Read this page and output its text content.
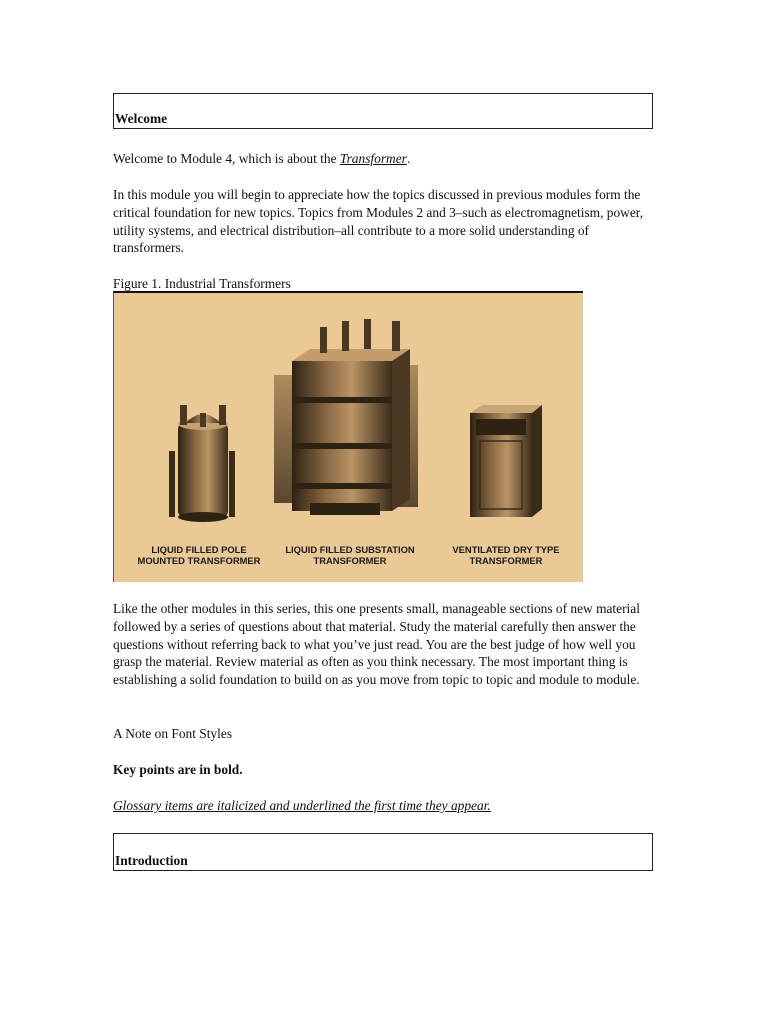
Welcome

Welcome to Module 4, which is about the Transformer.

In this module you will begin to appreciate how the topics discussed in previous modules form the critical foundation for new topics. Topics from Modules 2 and 3–such as electromagnetism, power, utility systems, and electrical distribution–all contribute to a more solid understanding of transformers.

Figure 1. Industrial Transformers

LIQUID FILLED POLE MOUNTED TRANSFORMER
LIQUID FILLED SUBSTATION TRANSFORMER
VENTILATED DRY TYPE TRANSFORMER

Like the other modules in this series, this one presents small, manageable sections of new material followed by a series of questions about that material. Study the material carefully then answer the questions without referring back to what you’ve just read. You are the best judge of how well you grasp the material. Review material as often as you think necessary. The most important thing is establishing a solid foundation to build on as you move from topic to topic and module to module.

A Note on Font Styles

Key points are in bold.

Glossary items are italicized and underlined the first time they appear.

Introduction
